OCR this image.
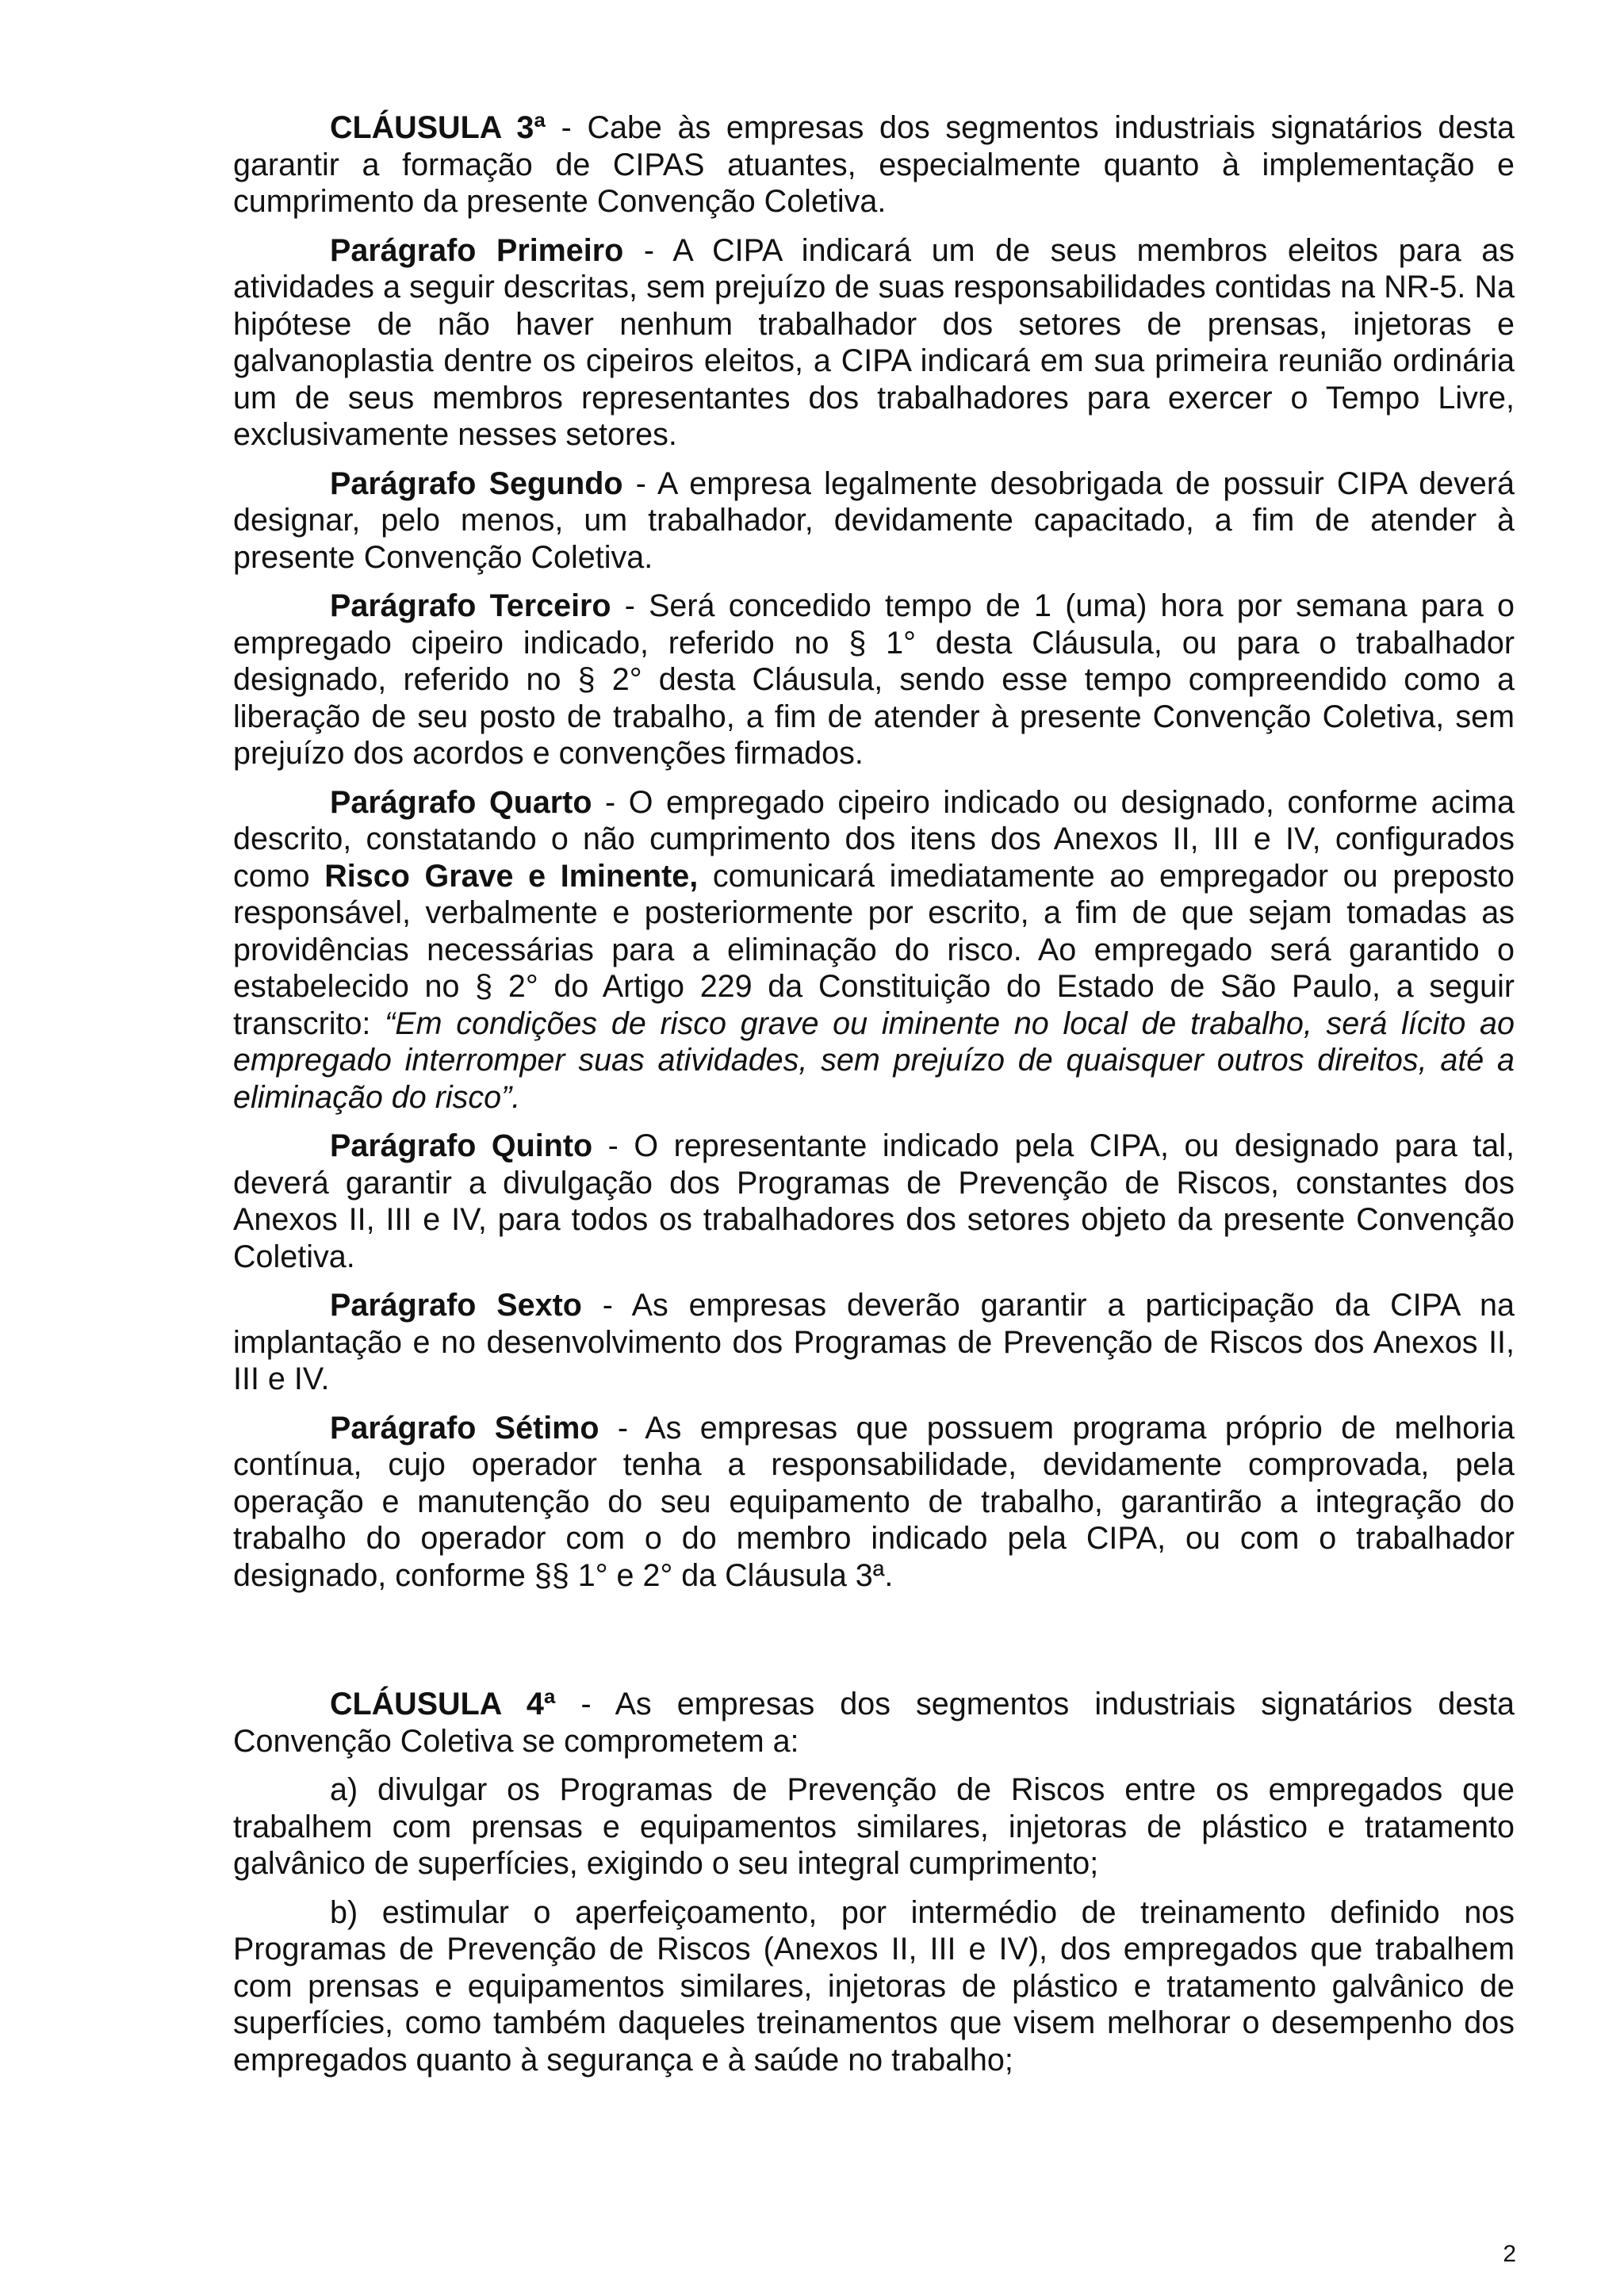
CLÁUSULA 3ª - Cabe às empresas dos segmentos industriais signatários desta garantir a formação de CIPAS atuantes, especialmente quanto à implementação e cumprimento da presente Convenção Coletiva.

Parágrafo Primeiro - A CIPA indicará um de seus membros eleitos para as atividades a seguir descritas, sem prejuízo de suas responsabilidades contidas na NR-5. Na hipótese de não haver nenhum trabalhador dos setores de prensas, injetoras e galvanoplastia dentre os cipeiros eleitos, a CIPA indicará em sua primeira reunião ordinária um de seus membros representantes dos trabalhadores para exercer o Tempo Livre, exclusivamente nesses setores.

Parágrafo Segundo - A empresa legalmente desobrigada de possuir CIPA deverá designar, pelo menos, um trabalhador, devidamente capacitado, a fim de atender à presente Convenção Coletiva.

Parágrafo Terceiro - Será concedido tempo de 1 (uma) hora por semana para o empregado cipeiro indicado, referido no § 1° desta Cláusula, ou para o trabalhador designado, referido no § 2° desta Cláusula, sendo esse tempo compreendido como a liberação de seu posto de trabalho, a fim de atender à presente Convenção Coletiva, sem prejuízo dos acordos e convenções firmados.

Parágrafo Quarto - O empregado cipeiro indicado ou designado, conforme acima descrito, constatando o não cumprimento dos itens dos Anexos II, III e IV, configurados como Risco Grave e Iminente, comunicará imediatamente ao empregador ou preposto responsável, verbalmente e posteriormente por escrito, a fim de que sejam tomadas as providências necessárias para a eliminação do risco. Ao empregado será garantido o estabelecido no § 2° do Artigo 229 da Constituição do Estado de São Paulo, a seguir transcrito: “Em condições de risco grave ou iminente no local de trabalho, será lícito ao empregado interromper suas atividades, sem prejuízo de quaisquer outros direitos, até a eliminação do risco”.

Parágrafo Quinto - O representante indicado pela CIPA, ou designado para tal, deverá garantir a divulgação dos Programas de Prevenção de Riscos, constantes dos Anexos II, III e IV, para todos os trabalhadores dos setores objeto da presente Convenção Coletiva.

Parágrafo Sexto - As empresas deverão garantir a participação da CIPA na implantação e no desenvolvimento dos Programas de Prevenção de Riscos dos Anexos II, III e IV.

Parágrafo Sétimo - As empresas que possuem programa próprio de melhoria contínua, cujo operador tenha a responsabilidade, devidamente comprovada, pela operação e manutenção do seu equipamento de trabalho, garantirão a integração do trabalho do operador com o do membro indicado pela CIPA, ou com o trabalhador designado, conforme §§ 1° e 2° da Cláusula 3ª.

CLÁUSULA 4ª - As empresas dos segmentos industriais signatários desta Convenção Coletiva se comprometem a:

a) divulgar os Programas de Prevenção de Riscos entre os empregados que trabalhem com prensas e equipamentos similares, injetoras de plástico e tratamento galvânico de superfícies, exigindo o seu integral cumprimento;

b) estimular o aperfeiçoamento, por intermédio de treinamento definido nos Programas de Prevenção de Riscos (Anexos II, III e IV), dos empregados que trabalhem com prensas e equipamentos similares, injetoras de plástico e tratamento galvânico de superfícies, como também daqueles treinamentos que visem melhorar o desempenho dos empregados quanto à segurança e à saúde no trabalho;

2
